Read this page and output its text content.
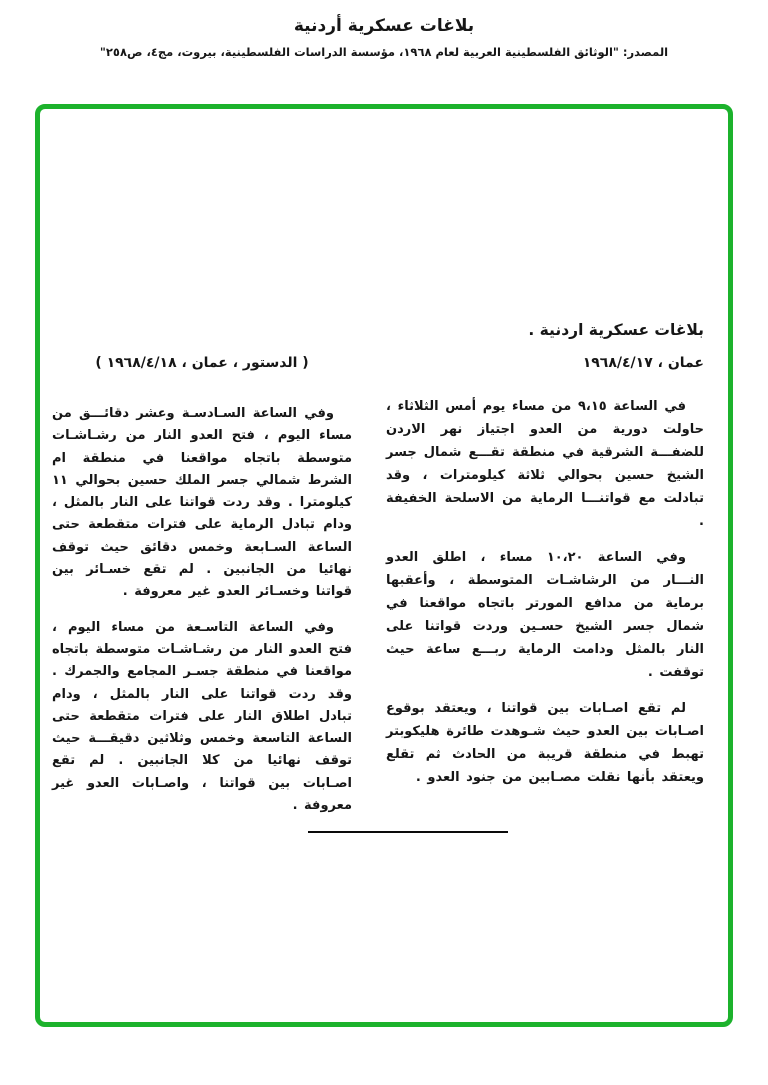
بلاغات عسكرية أردنية
المصدر: "الوثائق الفلسطينية العربية لعام ١٩٦٨، مؤسسة الدراسات الفلسطينية، بيروت، مج٤، ص٢٥٨"
بلاغات عسكرية اردنية .
عمان ، ١٩٦٨/٤/١٧

في الساعة ٩،١٥ من مساء يوم أمس الثلاثاء ، حاولت دورية من العدو اجتياز نهر الاردن للضفـــة الشرقية في منطقة تقـــع شمال جسر الشيخ حسين بحوالي ثلاثة كيلومترات ، وقد تبادلت مع قواتنـــا الرماية من الاسلحة الخفيفة .

وفي الساعة ١٠،٢٠ مساء ، اطلق العدو النـــار من الرشاشـات المتوسطة ، وأعقبها برماية من مدافع المورتر باتجاه مواقعنا في شمال جسر الشيخ حسـين وردت قواتنا على النار بالمثل ودامت الرماية ربـــع ساعة حيث توقفت .

لم تقع اصـابات بين قواتنا ، ويعتقد بوقوع اصـابات بين العدو حيث شـوهدت طائرة هليكوبتر تهبط في منطقة قريبة من الحادث ثم تقلع ويعتقد بأنها نقلت مصـابين من جنود العدو .

( الدستور ، عمان ، ١٩٦٨/٤/١٨ )

وفي الساعة السـادسـة وعشر دقائـــق من مساء اليوم ، فتح العدو النار من رشـاشـات متوسطة باتجاه مواقعنا في منطقة ام الشرط شمالي جسر الملك حسين بحوالي ١١ كيلومترا . وقد ردت قواتنا على النار بالمثل ، ودام تبادل الرماية على فترات متقطعة حتى الساعة السـابعة وخمس دقائق حيث توقف نهائيا من الجانبين . لم تقع خسـائر بين قواتنا وخسـائر العدو غير معروفة .

وفي الساعة التاسـعة من مساء اليوم ، فتح العدو النار من رشـاشـات متوسطة باتجاه مواقعنا في منطقة جسـر المجامع والجمرك . وقد ردت قواتنا على النار بالمثل ، ودام تبادل اطلاق النار على فترات متقطعة حتى الساعة التاسعة وخمس وثلاثين دقيقـــة حيث توقف نهائيا من كلا الجانبين . لم تقع اصـابات بين قواتنا ، واصـابات العدو غير معروفة .
